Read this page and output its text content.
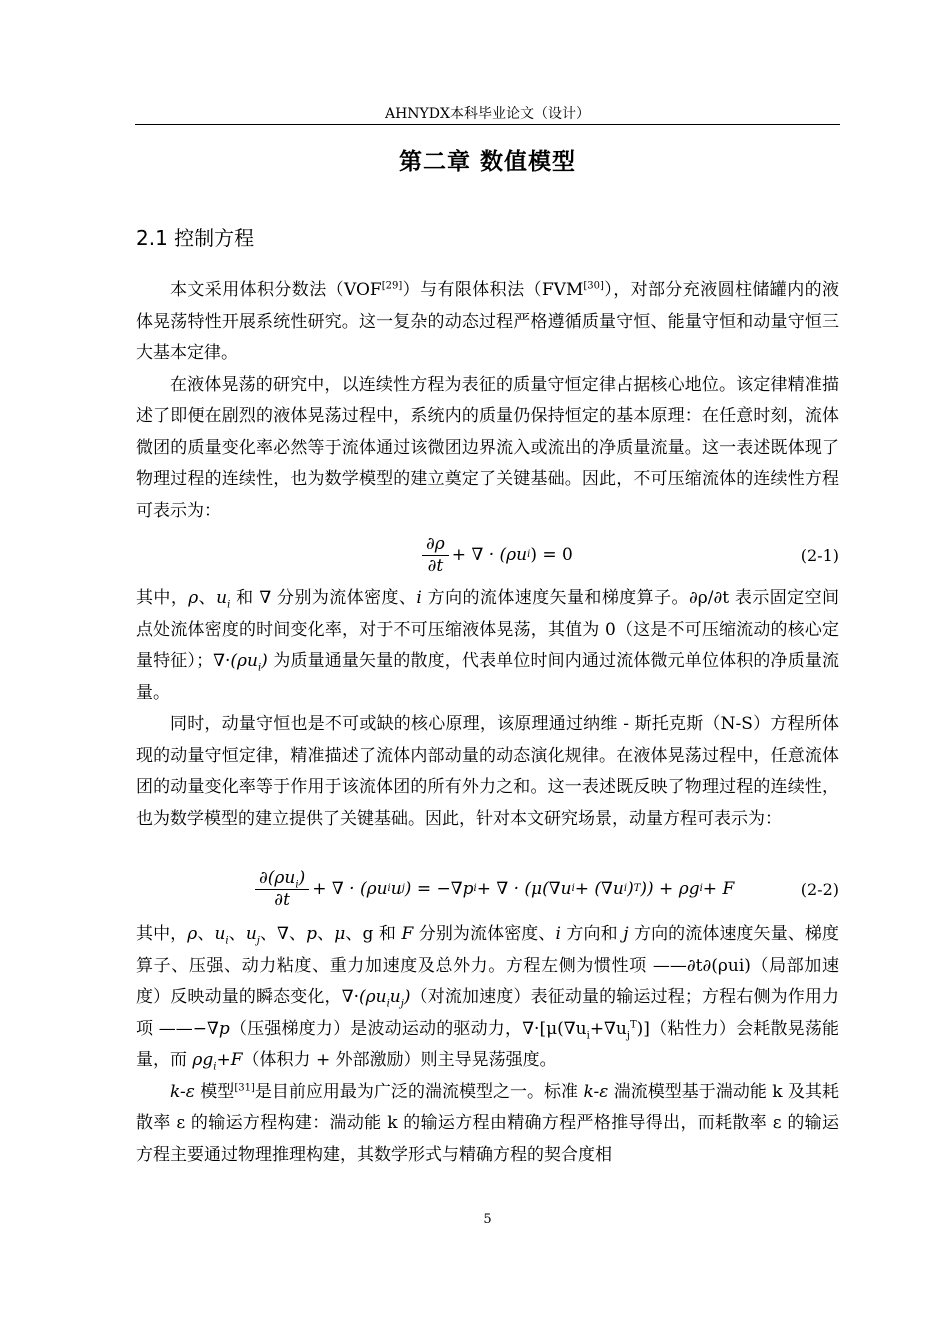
AHNYDX本科毕业论文（设计）
第二章 数值模型
2.1 控制方程

本文采用体积分数法（VOF[29]）与有限体积法（FVM[30]），对部分充液圆柱储罐内的液体晃荡特性开展系统性研究。这一复杂的动态过程严格遵循质量守恒、能量守恒和动量守恒三大基本定律。

在液体晃荡的研究中，以连续性方程为表征的质量守恒定律占据核心地位。该定律精准描述了即便在剧烈的液体晃荡过程中，系统内的质量仍保持恒定的基本原理：在任意时刻，流体微团的质量变化率必然等于流体通过该微团边界流入或流出的净质量流量。这一表述既体现了物理过程的连续性，也为数学模型的建立奠定了关键基础。因此，不可压缩流体的连续性方程可表示为：

$\frac{\partial\rho}{\partial t}$ + ∇ · (ρu i ) = 0	(2-1)

其中，ρ、$u_i$ 和 ∇ 分别为流体密度、i 方向的流体速度矢量和梯度算子。∂ρ/∂t 表示固定空间点处流体密度的时间变化率，对于不可压缩液体晃荡，其值为 0（这是不可压缩流动的核心定量特征）；$\nabla\cdot(\rho u_i)$ 为质量通量矢量的散度，代表单位时间内通过流体微元单位体积的净质量流量。

同时，动量守恒也是不可或缺的核心原理，该原理通过纳维 - 斯托克斯（N-S）方程所体现的动量守恒定律，精准描述了流体内部动量的动态演化规律。在液体晃荡过程中，任意流体团的动量变化率等于作用于该流体团的所有外力之和。这一表述既反映了物理过程的连续性，也为数学模型的建立提供了关键基础。因此，针对本文研究场景，动量方程可表示为：

$\frac{\partial(\rho u_i)}{\partial t}$ + ∇ · (ρu i u j ) = −∇p i + ∇ · (μ(∇u i + (∇u i ) T )) + ρg i + F	(2-2)

其中，ρ、$u_i$、$u_j$、∇、p、μ、g 和 F 分别为流体密度、i 方向和 j 方向的流体速度矢量、梯度算子、压强、动力粘度、重力加速度及总外力。方程左侧为惯性项 ——∂t∂(ρui)（局部加速度）反映动量的瞬态变化，$\nabla\cdot(\rho u_iu_j)$（对流加速度）表征动量的输运过程；方程右侧为作用力项 ——−∇p（压强梯度力）是波动运动的驱动力，$\nabla\cdot[\mu(\nabla u_i+\nabla u_j^T)]$（粘性力）会耗散晃荡能量，而 $\rho g_i+F$（体积力 + 外部激励）则主导晃荡强度。

k-ε 模型[31]是目前应用最为广泛的湍流模型之一。标准 k-ε 湍流模型基于湍动能 k 及其耗散率 ε 的输运方程构建：湍动能 k 的输运方程由精确方程严格推导得出，而耗散率 ε 的输运方程主要通过物理推理构建，其数学形式与精确方程的契合度相

5
